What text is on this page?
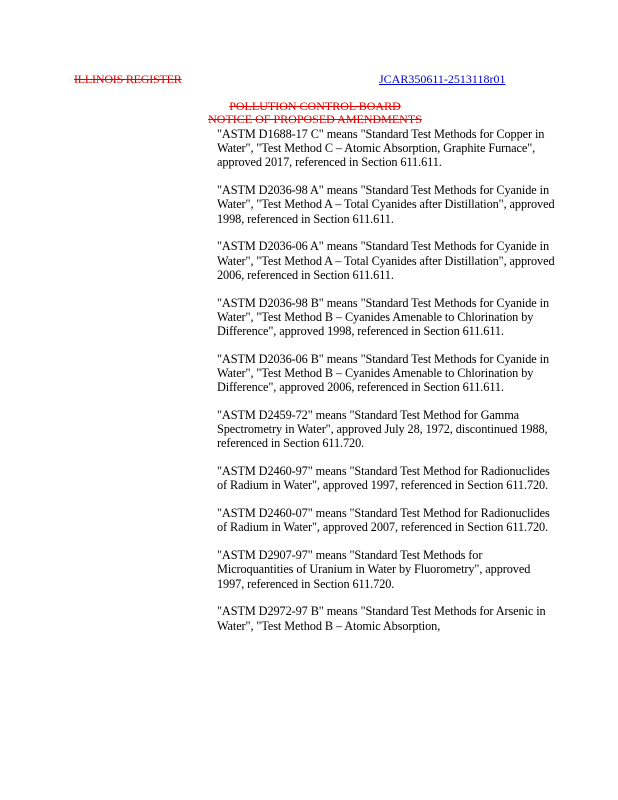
ILLINOIS REGISTER	JCAR350611-2513118r01
POLLUTION CONTROL BOARD
NOTICE OF PROPOSED AMENDMENTS

"ASTM D1688-17 C" means "Standard Test Methods for Copper in Water", "Test Method C – Atomic Absorption, Graphite Furnace", approved 2017, referenced in Section 611.611.

"ASTM D2036-98 A" means "Standard Test Methods for Cyanide in Water", "Test Method A – Total Cyanides after Distillation", approved 1998, referenced in Section 611.611.

"ASTM D2036-06 A" means "Standard Test Methods for Cyanide in Water", "Test Method A – Total Cyanides after Distillation", approved 2006, referenced in Section 611.611.

"ASTM D2036-98 B" means "Standard Test Methods for Cyanide in Water", "Test Method B – Cyanides Amenable to Chlorination by Difference", approved 1998, referenced in Section 611.611.

"ASTM D2036-06 B" means "Standard Test Methods for Cyanide in Water", "Test Method B – Cyanides Amenable to Chlorination by Difference", approved 2006, referenced in Section 611.611.

"ASTM D2459-72" means "Standard Test Method for Gamma Spectrometry in Water", approved July 28, 1972, discontinued 1988, referenced in Section 611.720.

"ASTM D2460-97" means "Standard Test Method for Radionuclides of Radium in Water", approved 1997, referenced in Section 611.720.

"ASTM D2460-07" means "Standard Test Method for Radionuclides of Radium in Water", approved 2007, referenced in Section 611.720.

"ASTM D2907-97" means "Standard Test Methods for Microquantities of Uranium in Water by Fluorometry", approved 1997, referenced in Section 611.720.

"ASTM D2972-97 B" means "Standard Test Methods for Arsenic in Water", "Test Method B – Atomic Absorption,
